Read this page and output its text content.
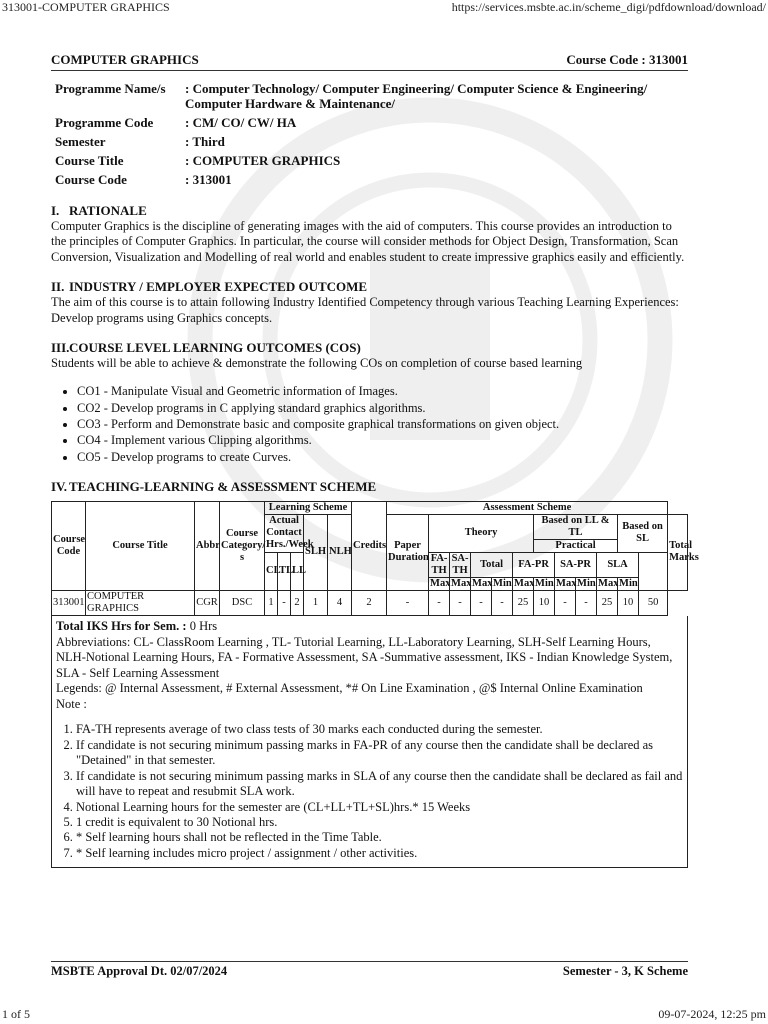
313001-COMPUTER GRAPHICS	https://services.msbte.ac.in/scheme_digi/pdfdownload/download/
COMPUTER GRAPHICS	Course Code : 313001
Programme Name/s	: Computer Technology/ Computer Engineering/ Computer Science & Engineering/ Computer Hardware & Maintenance/
Programme Code	: CM/ CO/ CW/ HA
Semester	: Third
Course Title	: COMPUTER GRAPHICS
Course Code	: 313001
I. RATIONALE

Computer Graphics is the discipline of generating images with the aid of computers. This course provides an introduction to the principles of Computer Graphics. In particular, the course will consider methods for Object Design, Transformation, Scan Conversion, Visualization and Modelling of real world and enables student to create impressive graphics easily and efficiently.

II. INDUSTRY / EMPLOYER EXPECTED OUTCOME

The aim of this course is to attain following Industry Identified Competency through various Teaching Learning Experiences:

Develop programs using Graphics concepts.

III.COURSE LEVEL LEARNING OUTCOMES (COS)

Students will be able to achieve & demonstrate the following COs on completion of course based learning

• CO1 - Manipulate Visual and Geometric information of Images.
• CO2 - Develop programs in C applying standard graphics algorithms.
• CO3 - Perform and Demonstrate basic and composite graphical transformations on given object.
• CO4 - Implement various Clipping algorithms.
• CO5 - Develop programs to create Curves.
IV. TEACHING-LEARNING & ASSESSMENT SCHEME
Course Code	Course Title	Abbr	Course Category/ s	Learning Scheme					Credits	Assessment Scheme												
				Actual Contact Hrs./Week			SLH	NLH		Paper Duration	Theory					Based on LL & TL				Based on SL		Total Marks
																Practical						
				CL	TL	LL					FA-TH	SA-TH	Total		FA-PR		SA-PR		SLA			
											Max	Max	Max	Min	Max	Min	Max	Min	Max	Min		
313001	COMPUTER GRAPHICS	CGR	DSC	1	-	2	1	4	2	-	-	-	-	-	25	10	-	-	25	10	50	

Total IKS Hrs for Sem. : 0 Hrs

Abbreviations: CL- ClassRoom Learning , TL- Tutorial Learning, LL-Laboratory Learning, SLH-Self Learning Hours, NLH-Notional Learning Hours, FA - Formative Assessment, SA -Summative assessment, IKS - Indian Knowledge System, SLA - Self Learning Assessment

Legends: @ Internal Assessment, # External Assessment, *# On Line Examination , @$ Internal Online Examination

Note :

1. FA-TH represents average of two class tests of 30 marks each conducted during the semester.
2. If candidate is not securing minimum passing marks in FA-PR of any course then the candidate shall be declared as "Detained" in that semester.
3. If candidate is not securing minimum passing marks in SLA of any course then the candidate shall be declared as fail and will have to repeat and resubmit SLA work.
4. Notional Learning hours for the semester are (CL+LL+TL+SL)hrs.* 15 Weeks
5. 1 credit is equivalent to 30 Notional hrs.
6. * Self learning hours shall not be reflected in the Time Table.
7. * Self learning includes micro project / assignment / other activities.
MSBTE Approval Dt. 02/07/2024	Semester - 3, K Scheme
1 of 5	09-07-2024, 12:25 pm
